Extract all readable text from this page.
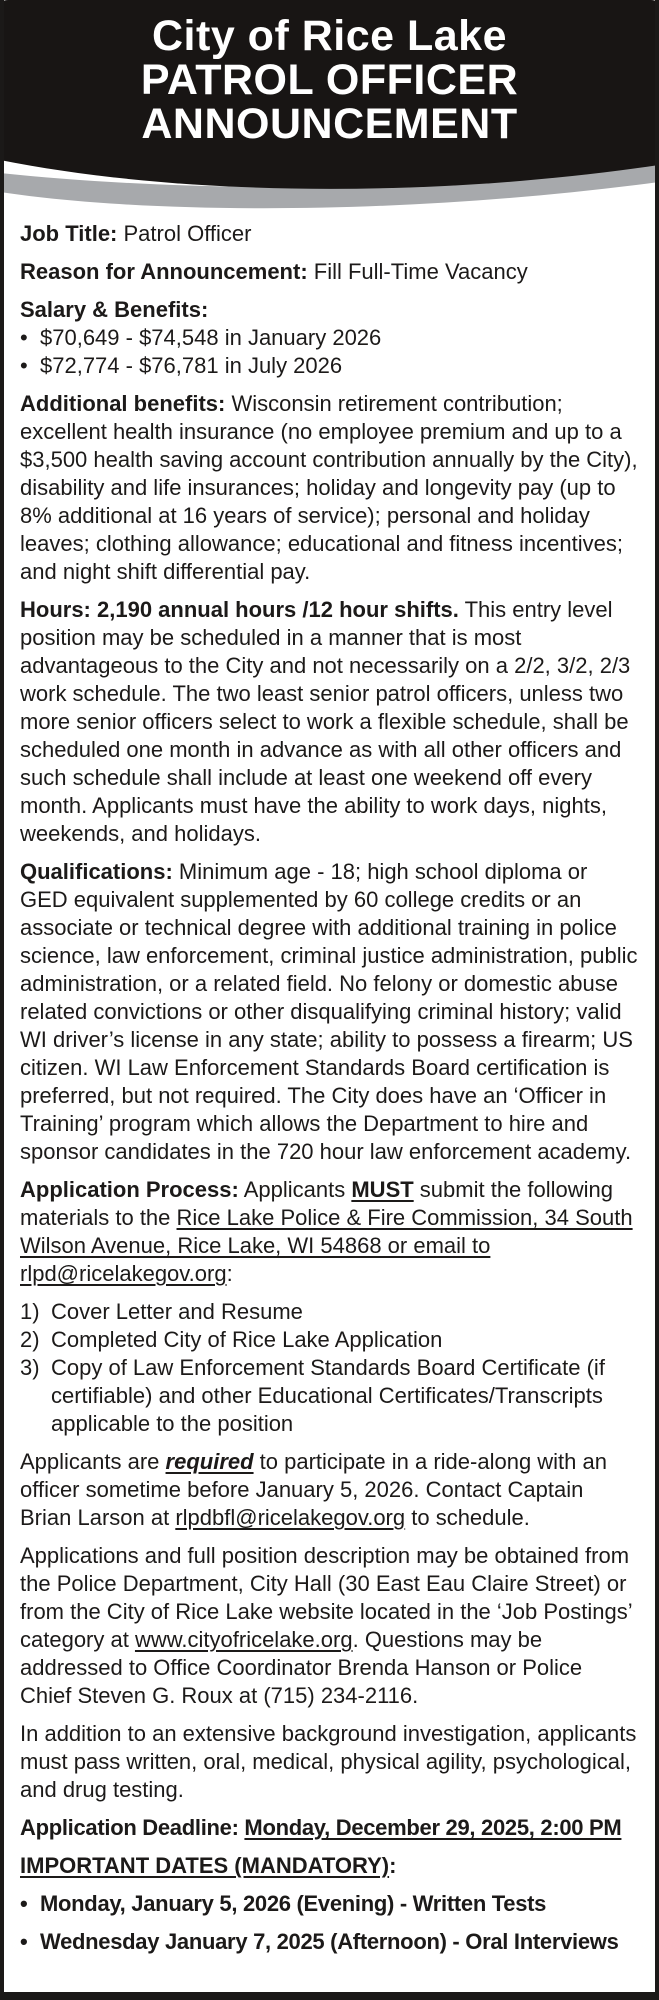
City of Rice Lake
PATROL OFFICER
ANNOUNCEMENT

Job Title: Patrol Officer

Reason for Announcement: Fill Full-Time Vacancy

Salary & Benefits:

• $70,649 - $74,548 in January 2026

• $72,774 - $76,781 in July 2026

Additional benefits: Wisconsin retirement contribution; excellent health insurance (no employee premium and up to a $3,500 health saving account contribution annually by the City), disability and life insurances; holiday and longevity pay (up to 8% additional at 16 years of service); personal and holiday leaves; clothing allowance; educational and fitness incentives; and night shift differential pay.

Hours: 2,190 annual hours /12 hour shifts. This entry level position may be scheduled in a manner that is most advantageous to the City and not necessarily on a 2/2, 3/2, 2/3 work schedule. The two least senior patrol officers, unless two more senior officers select to work a flexible schedule, shall be scheduled one month in advance as with all other officers and such schedule shall include at least one weekend off every month. Applicants must have the ability to work days, nights, weekends, and holidays.

Qualifications: Minimum age - 18; high school diploma or GED equivalent supplemented by 60 college credits or an associate or technical degree with additional training in police science, law enforcement, criminal justice administration, public administration, or a related field. No felony or domestic abuse related convictions or other disqualifying criminal history; valid WI driver’s license in any state; ability to possess a firearm; US citizen. WI Law Enforcement Standards Board certification is preferred, but not required. The City does have an ‘Officer in Training’ program which allows the Department to hire and sponsor candidates in the 720 hour law enforcement academy.

Application Process: Applicants MUST submit the following materials to the Rice Lake Police & Fire Commission, 34 South Wilson Avenue, Rice Lake, WI 54868 or email to rlpd@ricelakegov.org:

1) Cover Letter and Resume

2) Completed City of Rice Lake Application

3) Copy of Law Enforcement Standards Board Certificate (if certifiable) and other Educational Certificates/Transcripts applicable to the position

Applicants are required to participate in a ride-along with an officer sometime before January 5, 2026. Contact Captain Brian Larson at rlpdbfl@ricelakegov.org to schedule.

Applications and full position description may be obtained from the Police Department, City Hall (30 East Eau Claire Street) or from the City of Rice Lake website located in the ‘Job Postings’ category at www.cityofricelake.org. Questions may be addressed to Office Coordinator Brenda Hanson or Police Chief Steven G. Roux at (715) 234-2116.

In addition to an extensive background investigation, applicants must pass written, oral, medical, physical agility, psychological, and drug testing.

Application Deadline: Monday, December 29, 2025, 2:00 PM

IMPORTANT DATES (MANDATORY):

• Monday, January 5, 2026 (Evening) - Written Tests

• Wednesday January 7, 2025 (Afternoon) - Oral Interviews
